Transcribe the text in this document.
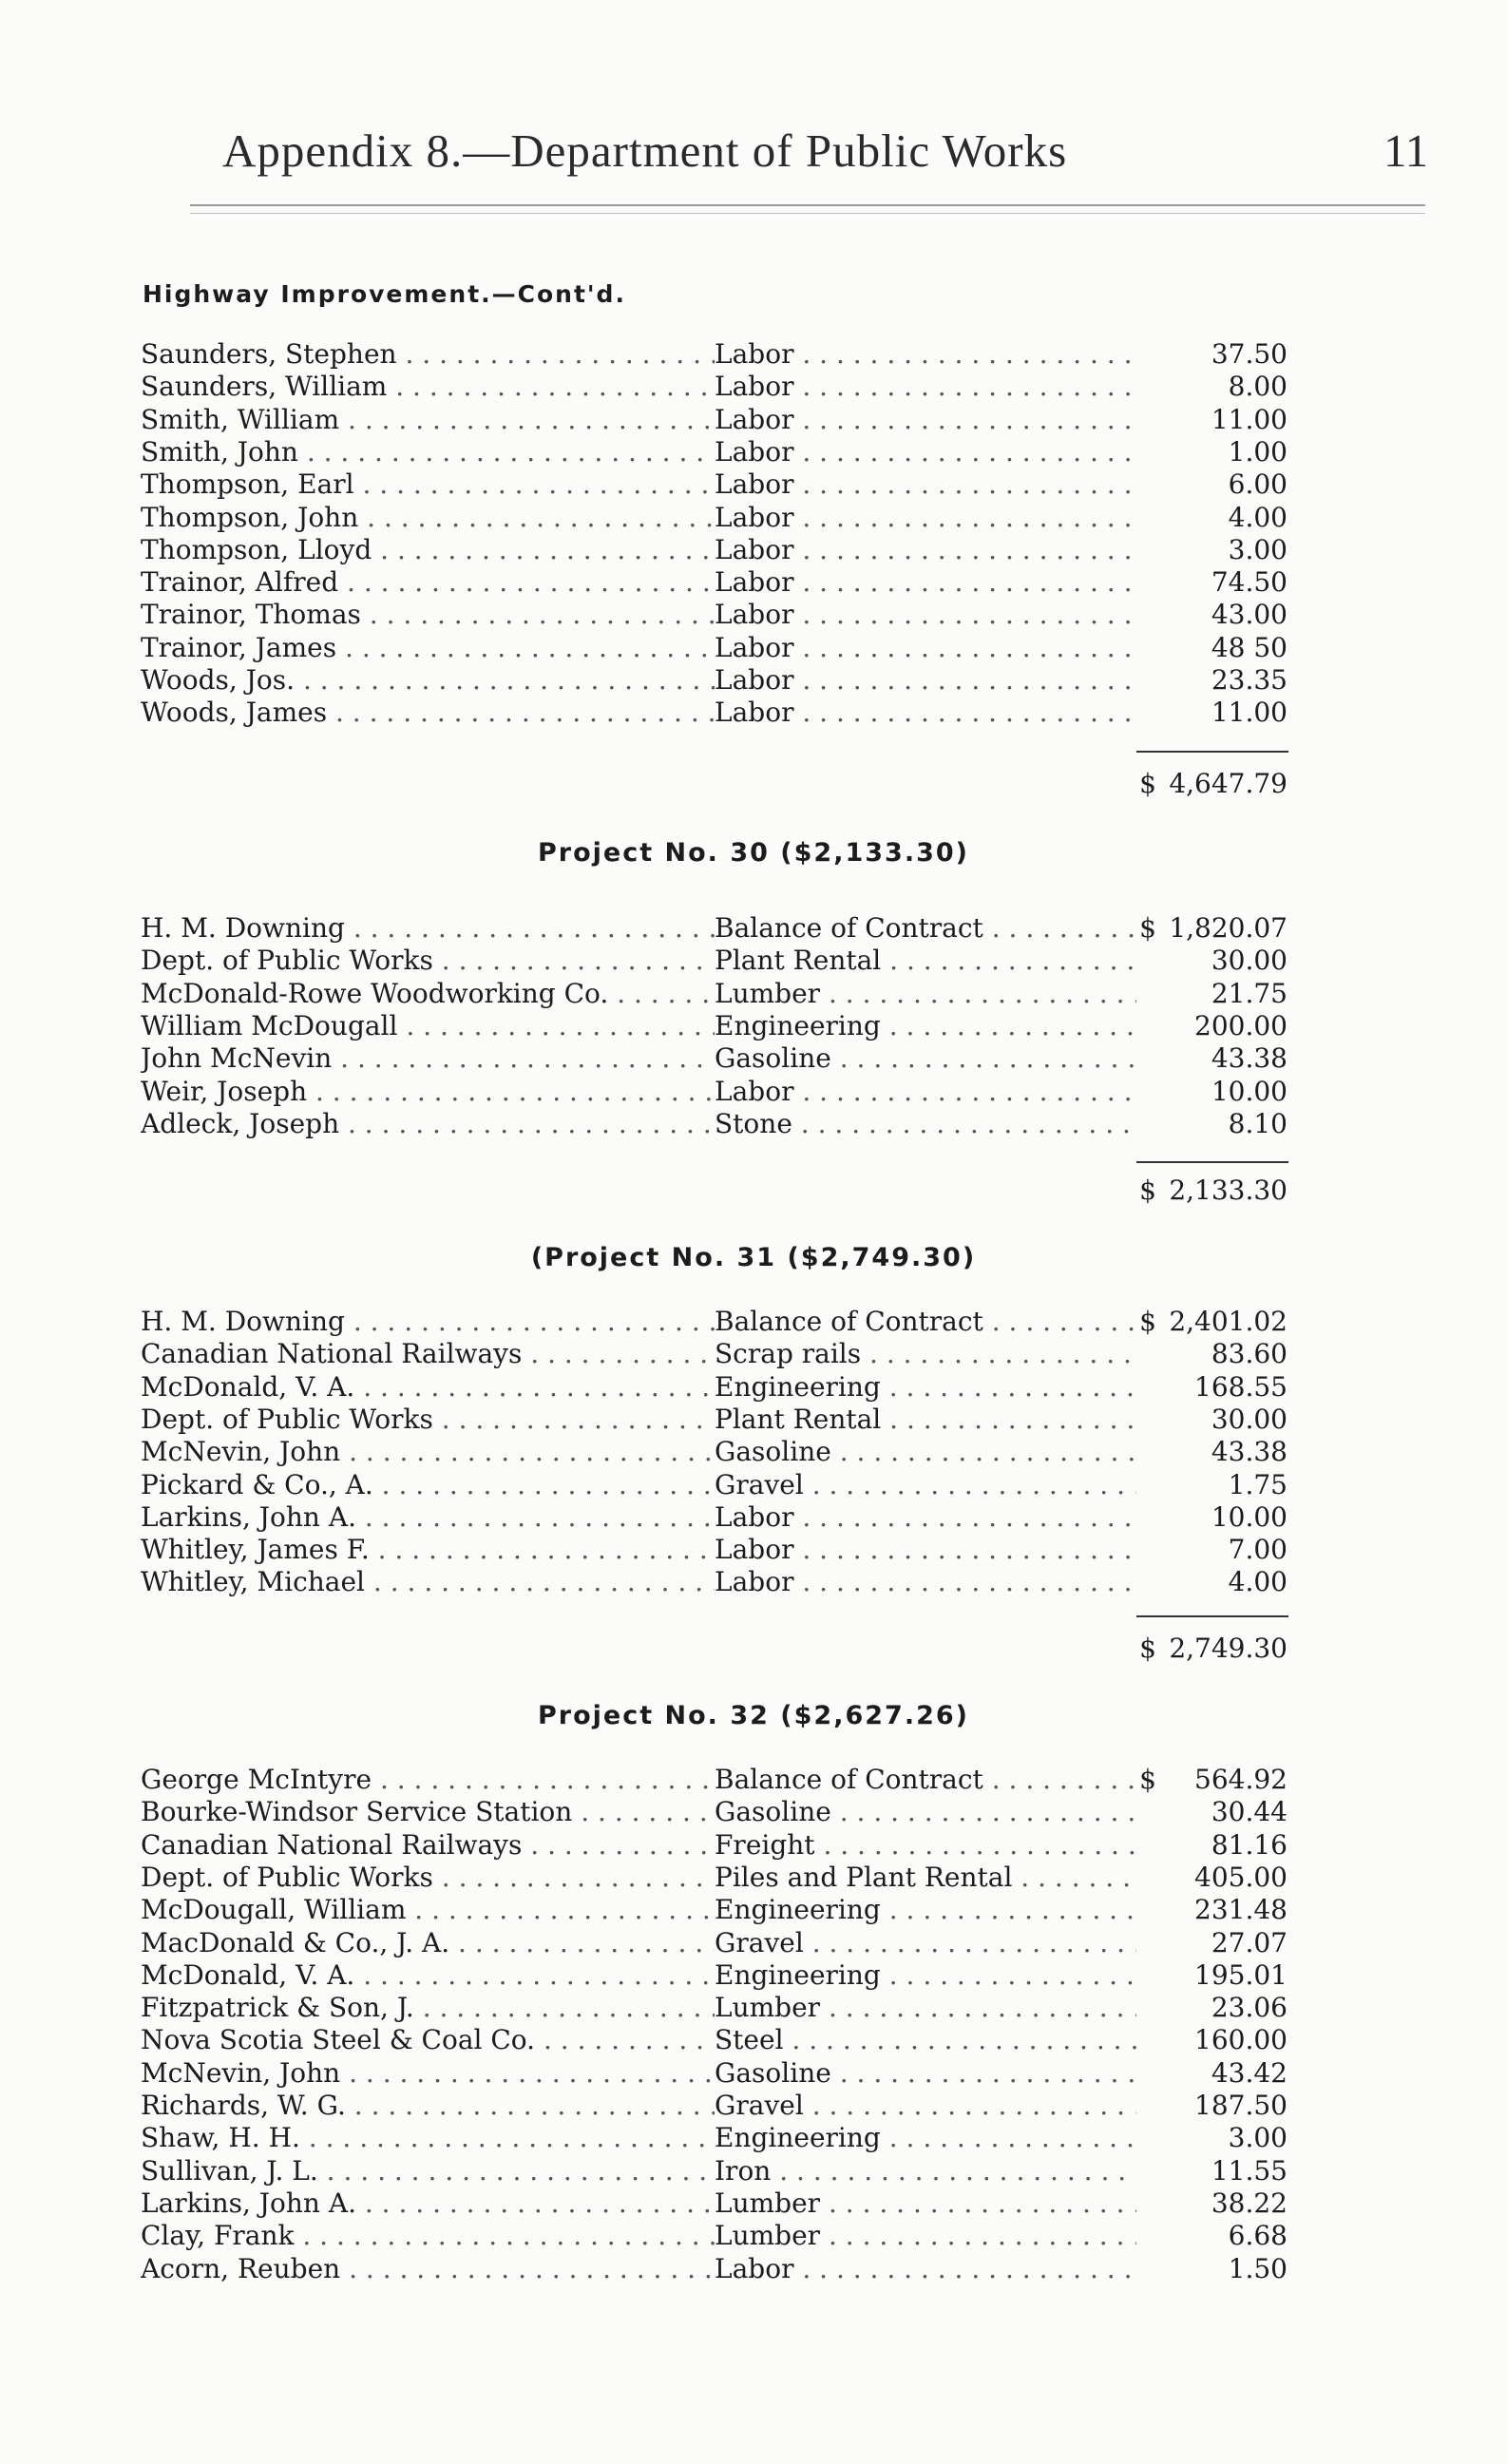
Appendix 8.—Department of Public Works	11
Highway Improvement.—Cont'd.
Saunders, Stephen . . .	Labor . . .	37.50
Saunders, William . . .	Labor . . .	8.00
Smith, William . . .	Labor . . .	11.00
Smith, John . . .	Labor . . .	1.00
Thompson, Earl . . .	Labor . . .	6.00
Thompson, John . . .	Labor . . .	4.00
Thompson, Lloyd . . .	Labor . . .	3.00
Trainor, Alfred . . .	Labor . . .	74.50
Trainor, Thomas . . .	Labor . . .	43.00
Trainor, James . . .	Labor . . .	48 50
Woods, Jos. . . .	Labor . . .	23.35
Woods, James . . .	Labor . . .	11.00
$ 4,647.79
Project No. 30 ($2,133.30)
H. M. Downing . . .	Balance of Contract . . .	$ 1,820.07
Dept. of Public Works . . .	Plant Rental . . .	30.00
McDonald-Rowe Woodworking Co. . . .	Lumber . . .	21.75
William McDougall . . .	Engineering . . .	200.00
John McNevin . . .	Gasoline . . .	43.38
Weir, Joseph . . .	Labor . . .	10.00
Adleck, Joseph . . .	Stone . . .	8.10
$ 2,133.30
(Project No. 31 ($2,749.30)
H. M. Downing . . .	Balance of Contract . . .	$ 2,401.02
Canadian National Railways . . .	Scrap rails . . .	83.60
McDonald, V. A. . . .	Engineering . . .	168.55
Dept. of Public Works . . .	Plant Rental . . .	30.00
McNevin, John . . .	Gasoline . . .	43.38
Pickard & Co., A. . . .	Gravel . . .	1.75
Larkins, John A. . . .	Labor . . .	10.00
Whitley, James F. . . .	Labor . . .	7.00
Whitley, Michael . . .	Labor . . .	4.00
$ 2,749.30
Project No. 32 ($2,627.26)
George McIntyre . . .	Balance of Contract . . .	$	564.92
Bourke-Windsor Service Station . . .	Gasoline . . .	30.44
Canadian National Railways . . .	Freight . . .	81.16
Dept. of Public Works . . .	Piles and Plant Rental . . .	405.00
McDougall, William . . .	Engineering . . .	231.48
MacDonald & Co., J. A. . . .	Gravel . . .	27.07
McDonald, V. A. . . .	Engineering . . .	195.01
Fitzpatrick & Son, J. . . .	Lumber . . .	23.06
Nova Scotia Steel & Coal Co. . . .	Steel . . .	160.00
McNevin, John . . .	Gasoline . . .	43.42
Richards, W. G. . . .	Gravel . . .	187.50
Shaw, H. H. . . .	Engineering . . .	3.00
Sullivan, J. L. . . .	Iron . . .	11.55
Larkins, John A. . . .	Lumber . . .	38.22
Clay, Frank . . .	Lumber . . .	6.68
Acorn, Reuben . . .	Labor . . .	1.50
